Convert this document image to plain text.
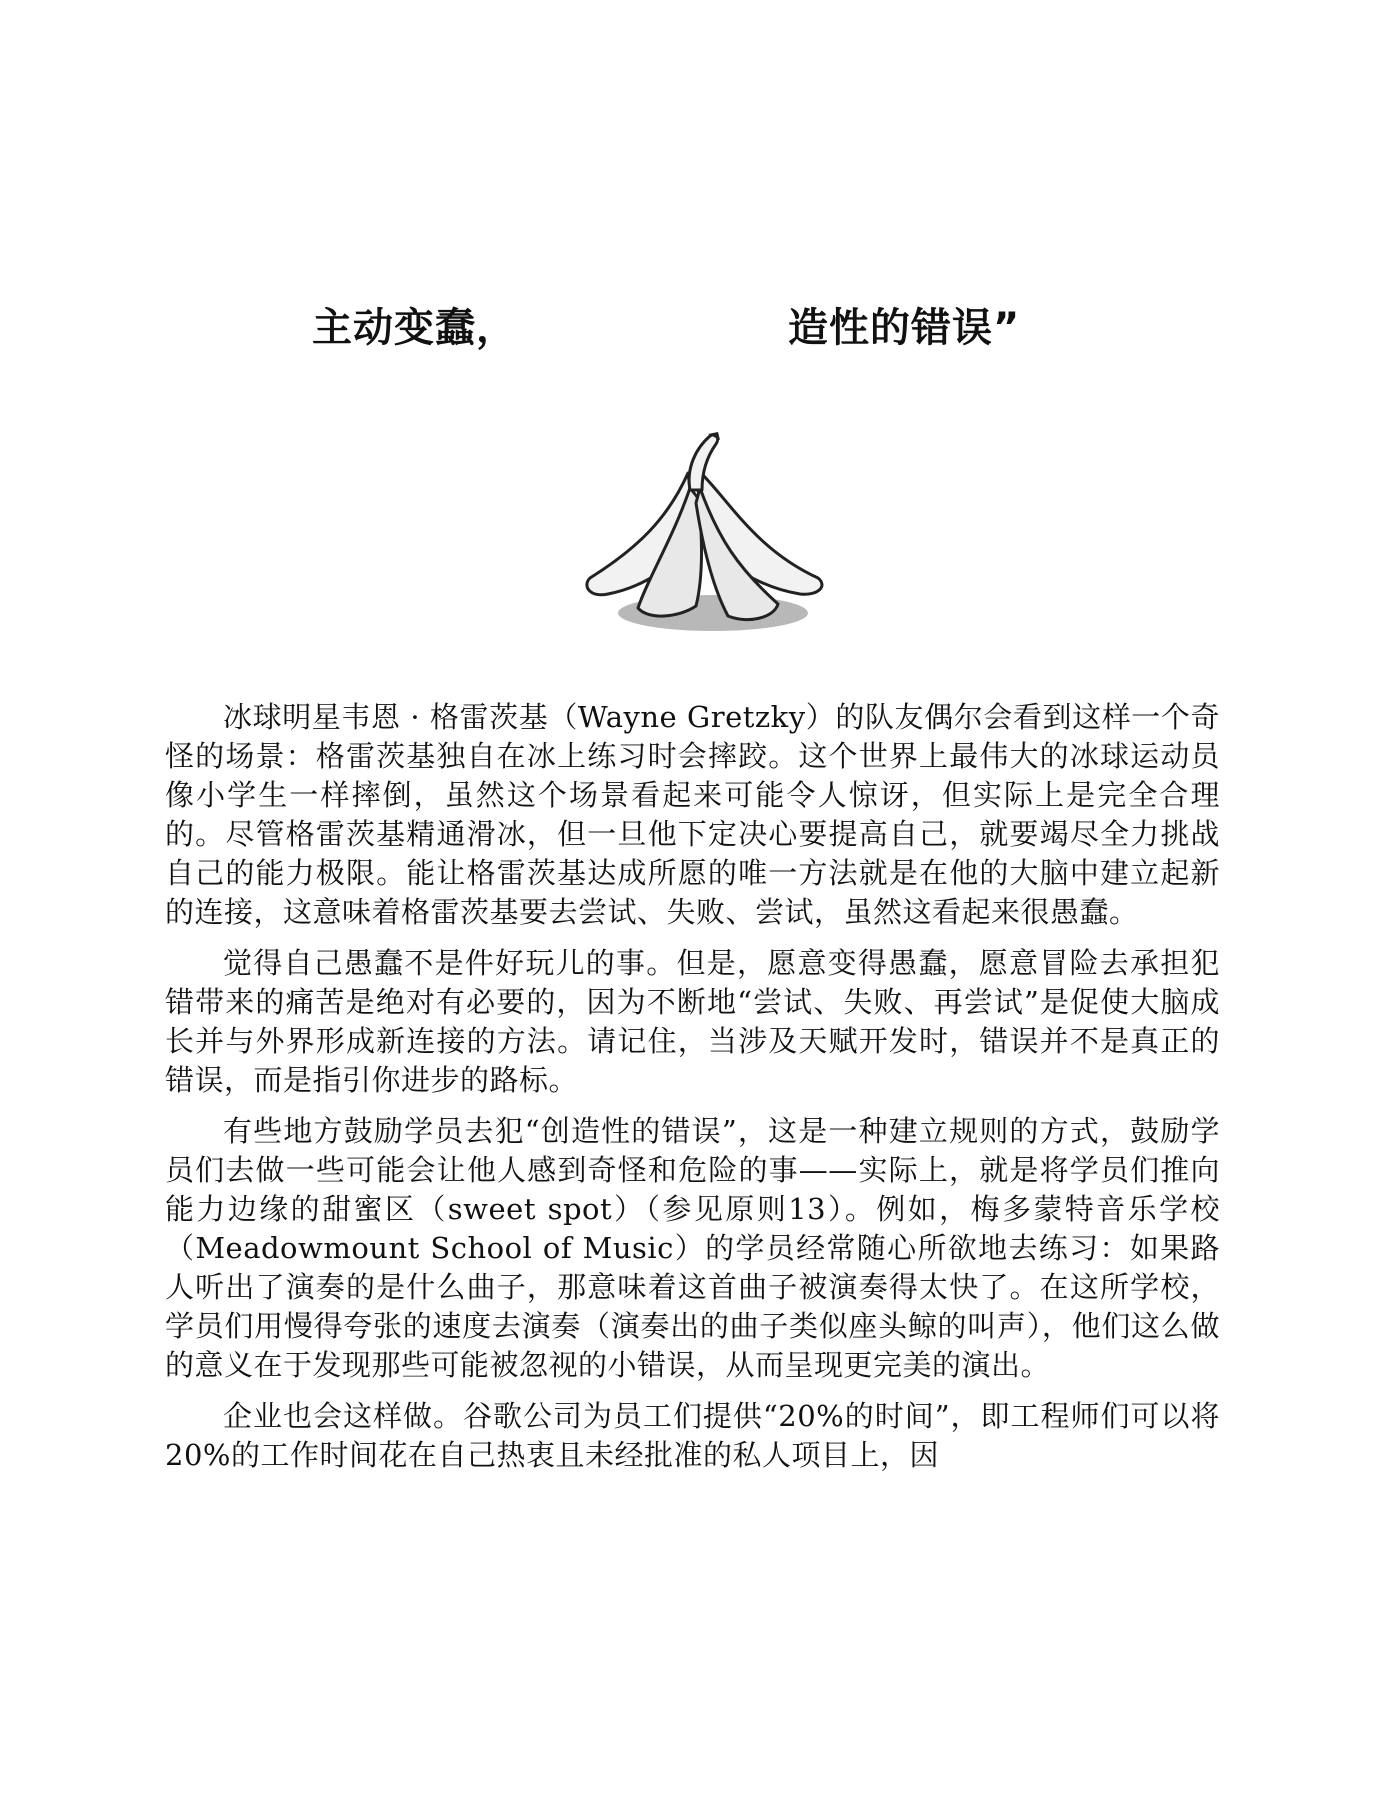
主动变蠢，	造性的错误”

冰球明星韦恩 · 格雷茨基（Wayne Gretzky）的队友偶尔会看到这样一个奇怪的场景：格雷茨基独自在冰上练习时会摔跤。这个世界上最伟大的冰球运动员像小学生一样摔倒，虽然这个场景看起来可能令人惊讶，但实际上是完全合理的。尽管格雷茨基精通滑冰，但一旦他下定决心要提高自己，就要竭尽全力挑战自己的能力极限。能让格雷茨基达成所愿的唯一方法就是在他的大脑中建立起新的连接，这意味着格雷茨基要去尝试、失败、尝试，虽然这看起来很愚蠢。

觉得自己愚蠢不是件好玩儿的事。但是，愿意变得愚蠢，愿意冒险去承担犯错带来的痛苦是绝对有必要的，因为不断地“尝试、失败、再尝试”是促使大脑成长并与外界形成新连接的方法。请记住，当涉及天赋开发时，错误并不是真正的错误，而是指引你进步的路标。

有些地方鼓励学员去犯“创造性的错误”，这是一种建立规则的方式，鼓励学员们去做一些可能会让他人感到奇怪和危险的事——实际上，就是将学员们推向能力边缘的甜蜜区（sweet spot）（参见原则13）。例如，梅多蒙特音乐学校（Meadowmount School of Music）的学员经常随心所欲地去练习：如果路人听出了演奏的是什么曲子，那意味着这首曲子被演奏得太快了。在这所学校，学员们用慢得夸张的速度去演奏（演奏出的曲子类似座头鲸的叫声），他们这么做的意义在于发现那些可能被忽视的小错误，从而呈现更完美的演出。

企业也会这样做。谷歌公司为员工们提供“20%的时间”，即工程师们可以将20%的工作时间花在自己热衷且未经批准的私人项目上，因
